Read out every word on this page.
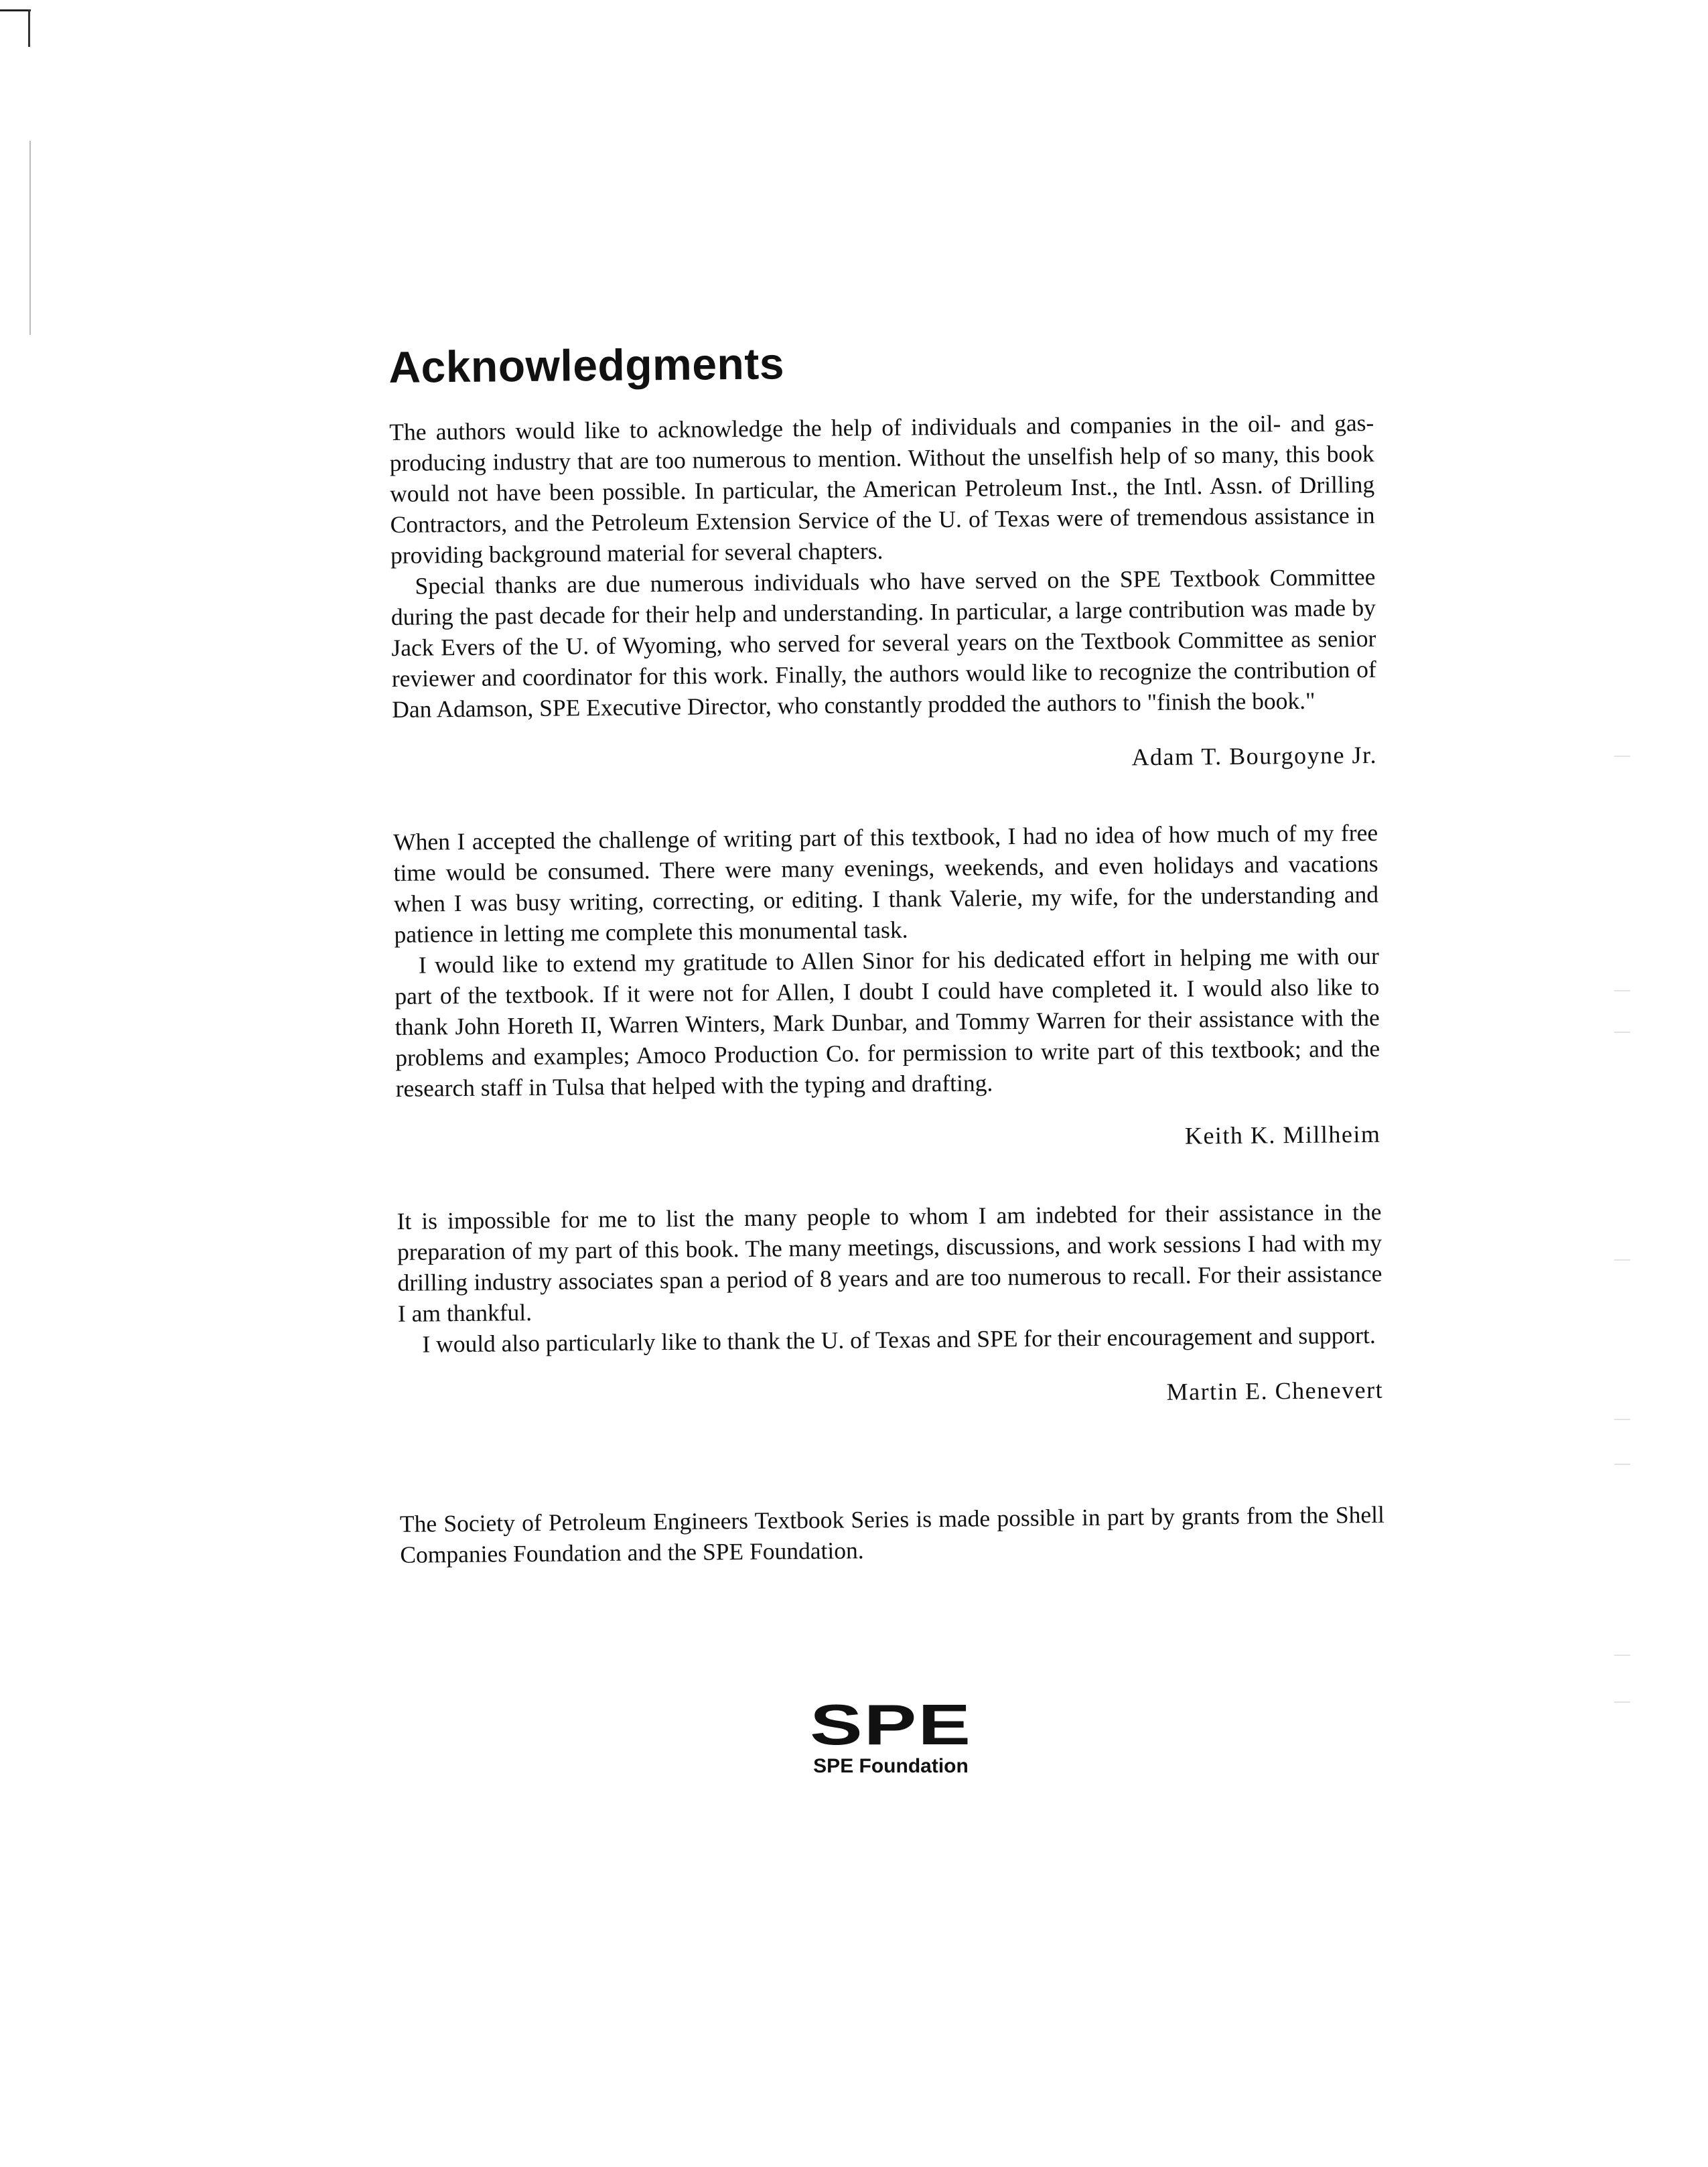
Acknowledgments

The authors would like to acknowledge the help of individuals and companies in the oil- and gas-producing industry that are too numerous to mention. Without the unselfish help of so many, this book would not have been possible. In particular, the American Petroleum Inst., the Intl. Assn. of Drilling Contractors, and the Petroleum Extension Service of the U. of Texas were of tremendous assistance in providing background material for several chapters.

Special thanks are due numerous individuals who have served on the SPE Textbook Committee during the past decade for their help and understanding. In particular, a large contribution was made by Jack Evers of the U. of Wyoming, who served for several years on the Textbook Committee as senior reviewer and coordinator for this work. Finally, the authors would like to recognize the contribution of Dan Adamson, SPE Executive Director, who constantly prodded the authors to "finish the book."

Adam T. Bourgoyne Jr.

When I accepted the challenge of writing part of this textbook, I had no idea of how much of my free time would be consumed. There were many evenings, weekends, and even holidays and vacations when I was busy writing, correcting, or editing. I thank Valerie, my wife, for the understanding and patience in letting me complete this monumental task.

I would like to extend my gratitude to Allen Sinor for his dedicated effort in helping me with our part of the textbook. If it were not for Allen, I doubt I could have completed it. I would also like to thank John Horeth II, Warren Winters, Mark Dunbar, and Tommy Warren for their assistance with the problems and examples; Amoco Production Co. for permission to write part of this textbook; and the research staff in Tulsa that helped with the typing and drafting.

Keith K. Millheim

It is impossible for me to list the many people to whom I am indebted for their assistance in the preparation of my part of this book. The many meetings, discussions, and work sessions I had with my drilling industry associates span a period of 8 years and are too numerous to recall. For their assistance I am thankful.

I would also particularly like to thank the U. of Texas and SPE for their encouragement and support.

Martin E. Chenevert

The Society of Petroleum Engineers Textbook Series is made possible in part by grants from the Shell Companies Foundation and the SPE Foundation.

SPE
SPE Foundation
